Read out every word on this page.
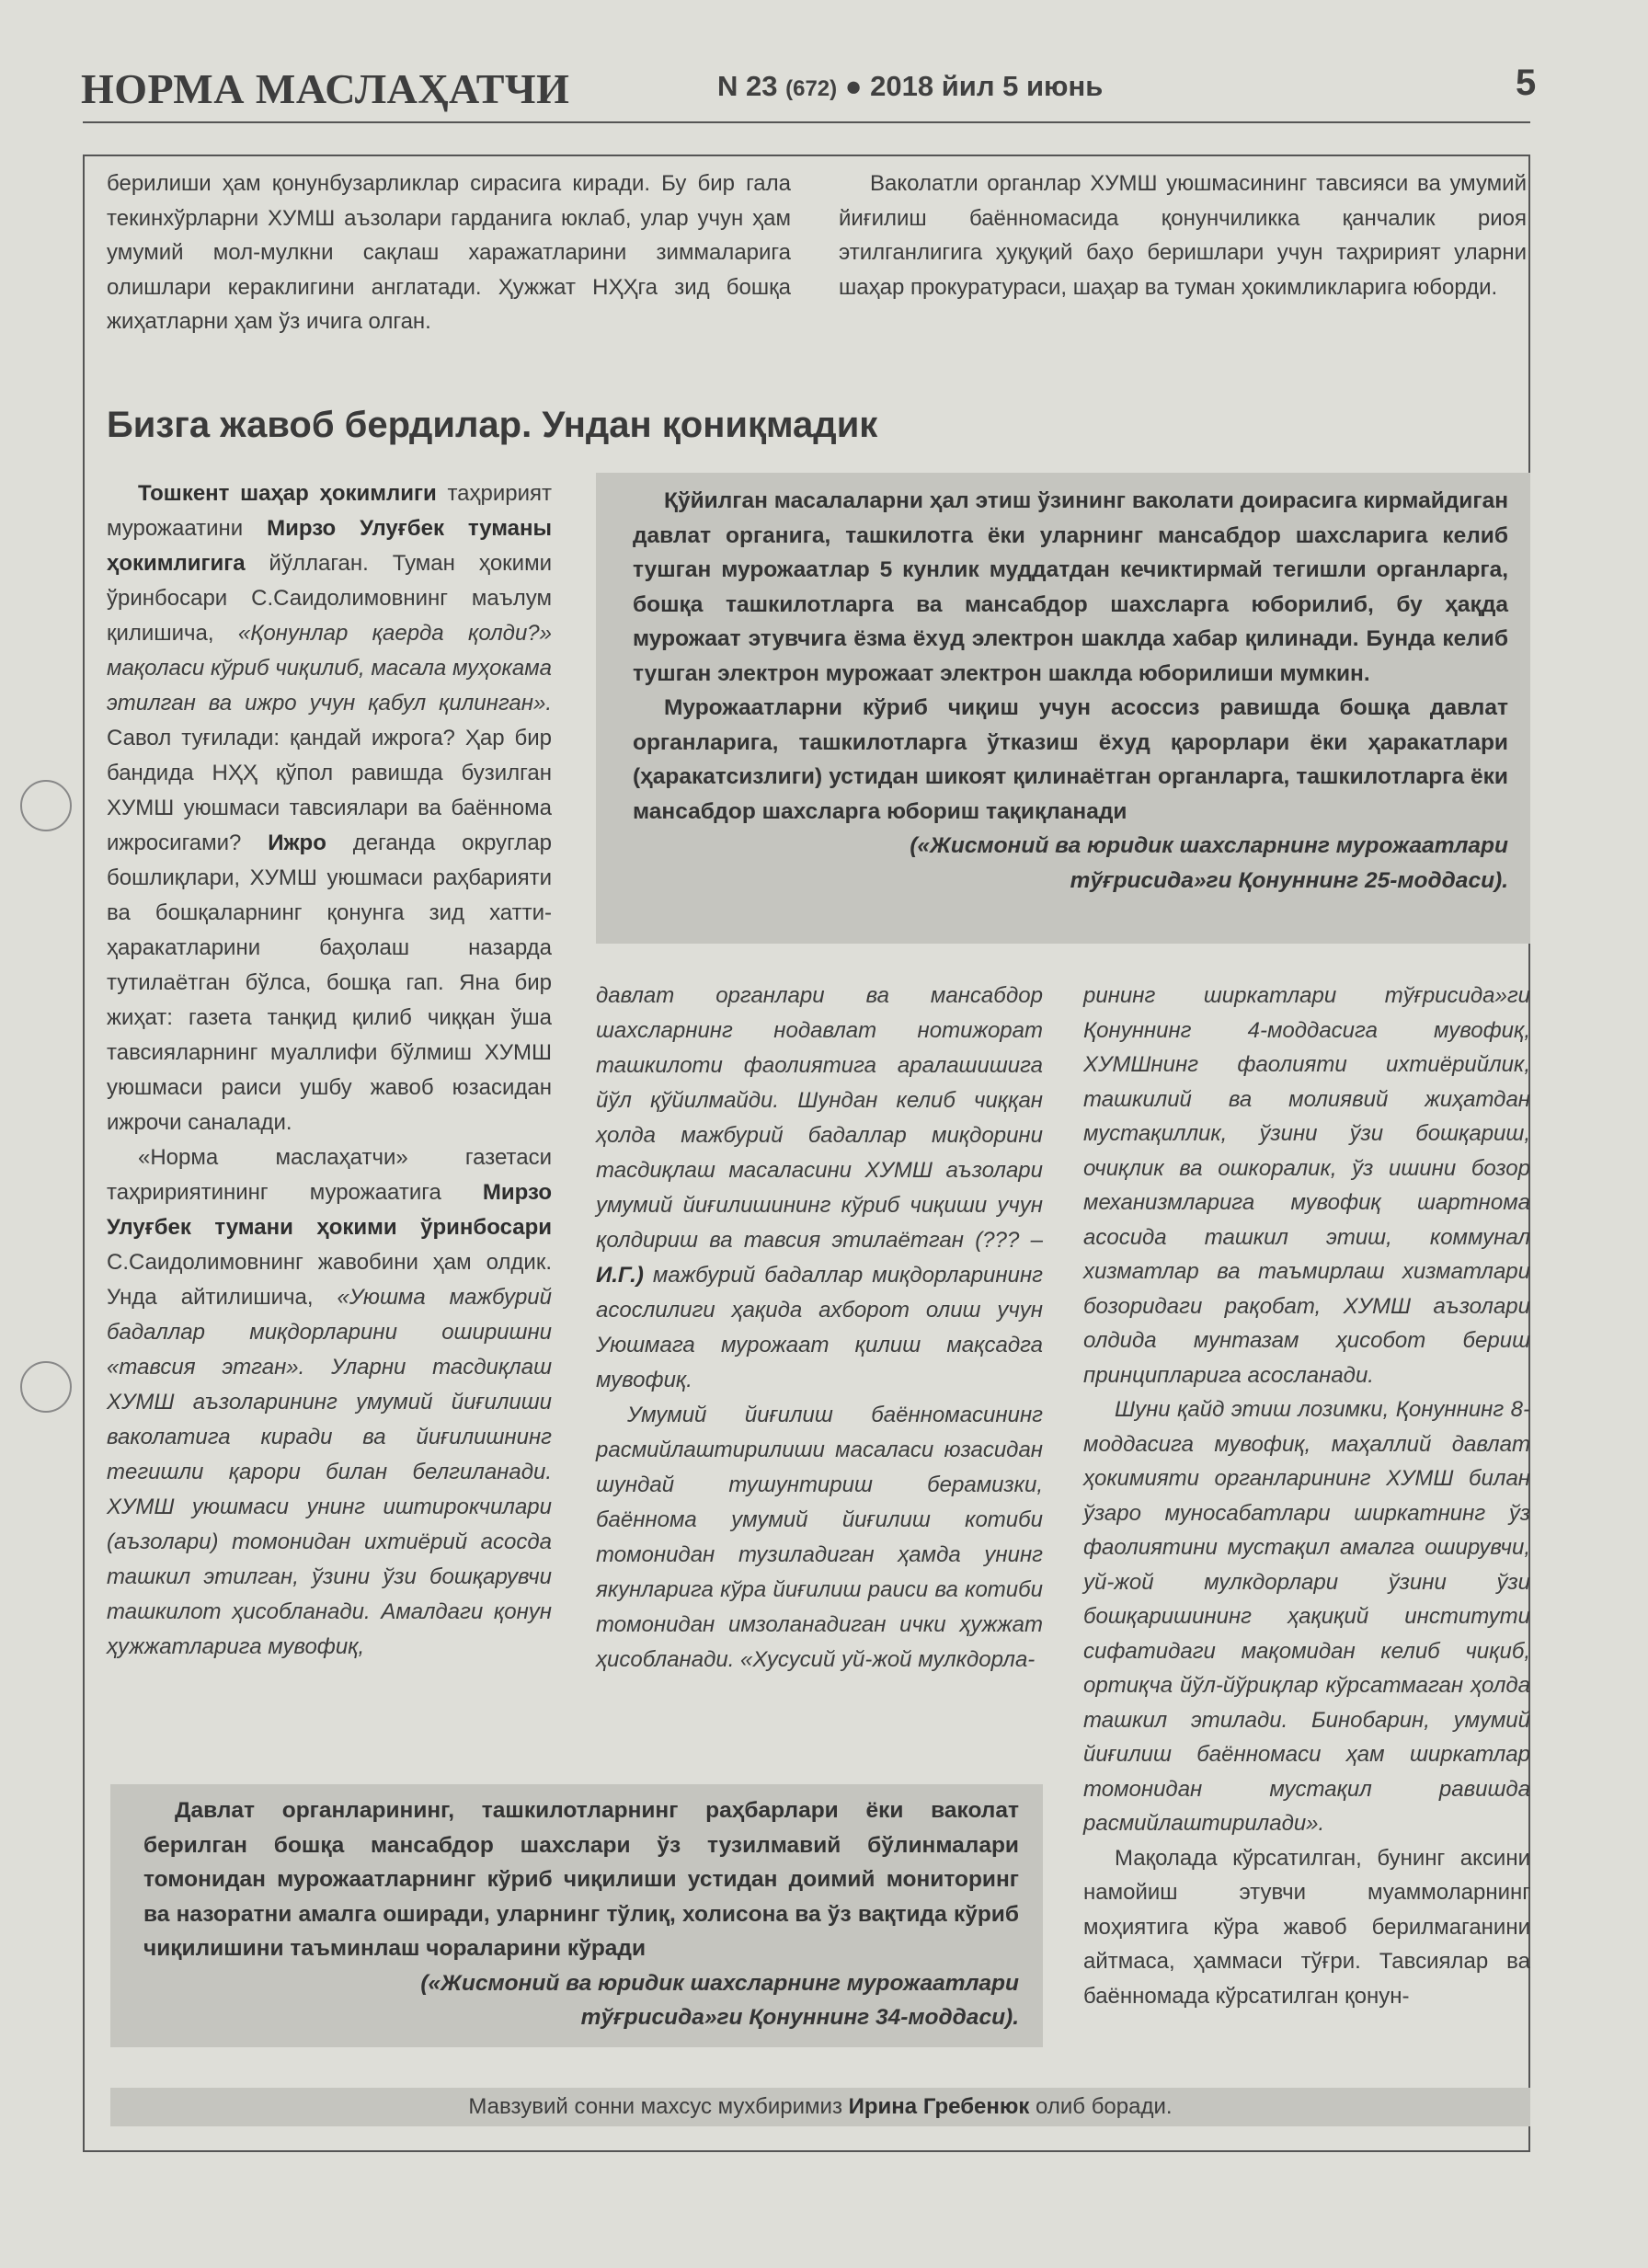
НОРМА МАСЛАҲАТЧИ	N 23 (672) ● 2018 йил 5 июнь	5

берилиши ҳам қонунбузарликлар сирасига киради. Бу бир гала текинхўрларни ХУМШ аъзолари гарданига юклаб, улар учун ҳам умумий мол-мулкни сақлаш харажатларини зиммаларига олишлари кераклигини англатади. Ҳужжат НҲҲга зид бошқа жиҳатларни ҳам ўз ичига олган.

Ваколатли органлар ХУМШ уюшмасининг тавсияси ва умумий йиғилиш баённомасида қонунчиликка қанчалик риоя этилганлигига ҳуқуқий баҳо беришлари учун таҳририят уларни шаҳар прокуратураси, шаҳар ва туман ҳокимликларига юборди.

Бизга жавоб бердилар. Ундан қониқмадик

Тошкент шаҳар ҳокимлиги таҳририят мурожаатини Мирзо Улуғбек туманы ҳокимлигига йўллаган. Туман ҳокими ўринбосари С.Саидолимовнинг маълум қилишича, «Қонунлар қаерда қолди?» мақоласи кўриб чиқилиб, масала муҳокама этилган ва ижро учун қабул қилинган». Савол туғилади: қандай ижрога? Ҳар бир бандида НҲҲ қўпол равишда бузилган ХУМШ уюшмаси тавсиялари ва баённома ижросигами? Ижро деганда округлар бошлиқлари, ХУМШ уюшмаси раҳбарияти ва бошқаларнинг қонунга зид хатти-ҳаракатларини баҳолаш назарда тутилаётган бўлса, бошқа гап. Яна бир жиҳат: газета танқид қилиб чиққан ўша тавсияларнинг муаллифи бўлмиш ХУМШ уюшмаси раиси ушбу жавоб юзасидан ижрочи саналади.

«Норма маслаҳатчи» газетаси таҳририятининг мурожаатига Мирзо Улуғбек тумани ҳокими ўринбосари С.Саидолимовнинг жавобини ҳам олдик. Унда айтилишича, «Уюшма мажбурий бадаллар миқдорларини оширишни «тавсия этган». Уларни тасдиқлаш ХУМШ аъзоларининг умумий йиғилиши ваколатига киради ва йиғилишнинг тегишли қарори билан белгиланади. ХУМШ уюшмаси унинг иштирокчилари (аъзолари) томонидан ихтиёрий асосда ташкил этилган, ўзини ўзи бошқарувчи ташкилот ҳисобланади. Амалдаги қонун ҳужжатларига мувофиқ,

Қўйилган масалаларни ҳал этиш ўзининг ваколати доирасига кирмайдиган давлат органига, ташкилотга ёки уларнинг мансабдор шахсларига келиб тушган мурожаатлар 5 кунлик муддатдан кечиктирмай тегишли органларга, бошқа ташкилотларга ва мансабдор шахсларга юборилиб, бу ҳақда мурожаат этувчига ёзма ёхуд электрон шаклда хабар қилинади. Бунда келиб тушган электрон мурожаат электрон шаклда юборилиши мумкин.

Мурожаатларни кўриб чиқиш учун асоссиз равишда бошқа давлат органларига, ташкилотларга ўтказиш ёхуд қарорлари ёки ҳаракатлари (ҳаракатсизлиги) устидан шикоят қилинаётган органларга, ташкилотларга ёки мансабдор шахсларга юбориш тақиқланади

(«Жисмоний ва юридик шахсларнинг мурожаатлари

тўғрисида»ги Қонуннинг 25-моддаси).

давлат органлари ва мансабдор шахсларнинг нодавлат нотижорат ташкилоти фаолиятига аралашишига йўл қўйилмайди. Шундан келиб чиққан ҳолда мажбурий бадаллар миқдорини тасдиқлаш масаласини ХУМШ аъзолари умумий йиғилишининг кўриб чиқиши учун қолдириш ва тавсия этилаётган (??? – И.Г.) мажбурий бадаллар миқдорларининг асослилиги ҳақида ахборот олиш учун Уюшмага мурожаат қилиш мақсадга мувофиқ.

Умумий йиғилиш баённомасининг расмийлаштирилиши масаласи юзасидан шундай тушунтириш берамизки, баённома умумий йиғилиш котиби томонидан тузиладиган ҳамда унинг якунларига кўра йиғилиш раиси ва котиби томонидан имзоланадиган ички ҳужжат ҳисобланади. «Хусусий уй-жой мулкдорла-

рининг ширкатлари тўғрисида»ги Қонуннинг 4-моддасига мувофиқ, ХУМШнинг фаолияти ихтиёрийлик, ташкилий ва молиявий жиҳатдан мустақиллик, ўзини ўзи бошқариш, очиқлик ва ошкоралик, ўз ишини бозор механизмларига мувофиқ шартнома асосида ташкил этиш, коммунал хизматлар ва таъмирлаш хизматлари бозоридаги рақобат, ХУМШ аъзолари олдида мунтазам ҳисобот бериш принципларига асосланади.

Шуни қайд этиш лозимки, Қонуннинг 8-моддасига мувофиқ, маҳаллий давлат ҳокимияти органларининг ХУМШ билан ўзаро муносабатлари ширкатнинг ўз фаолиятини мустақил амалга оширувчи, уй-жой мулкдорлари ўзини ўзи бошқаришининг ҳақиқий институти сифатидаги мақомидан келиб чиқиб, ортиқча йўл-йўриқлар кўрсатмаган ҳолда ташкил этилади. Бинобарин, умумий йиғилиш баённомаси ҳам ширкатлар томонидан мустақил равишда расмийлаштирилади».

Мақолада кўрсатилган, бунинг аксини намойиш этувчи муаммоларнинг моҳиятига кўра жавоб берилмаганини айтмаса, ҳаммаси тўғри. Тавсиялар ва баённомада кўрсатилган қонун-

Давлат органларининг, ташкилотларнинг раҳбарлари ёки ваколат берилган бошқа мансабдор шахслари ўз тузилмавий бўлинмалари томонидан мурожаатларнинг кўриб чиқилиши устидан доимий мониторинг ва назоратни амалга оширади, уларнинг тўлиқ, холисона ва ўз вақтида кўриб чиқилишини таъминлаш чораларини кўради

(«Жисмоний ва юридик шахсларнинг мурожаатлари

тўғрисида»ги Қонуннинг 34-моддаси).

Мавзувий сонни махсус мухбиримиз Ирина Гребенюк олиб боради.
